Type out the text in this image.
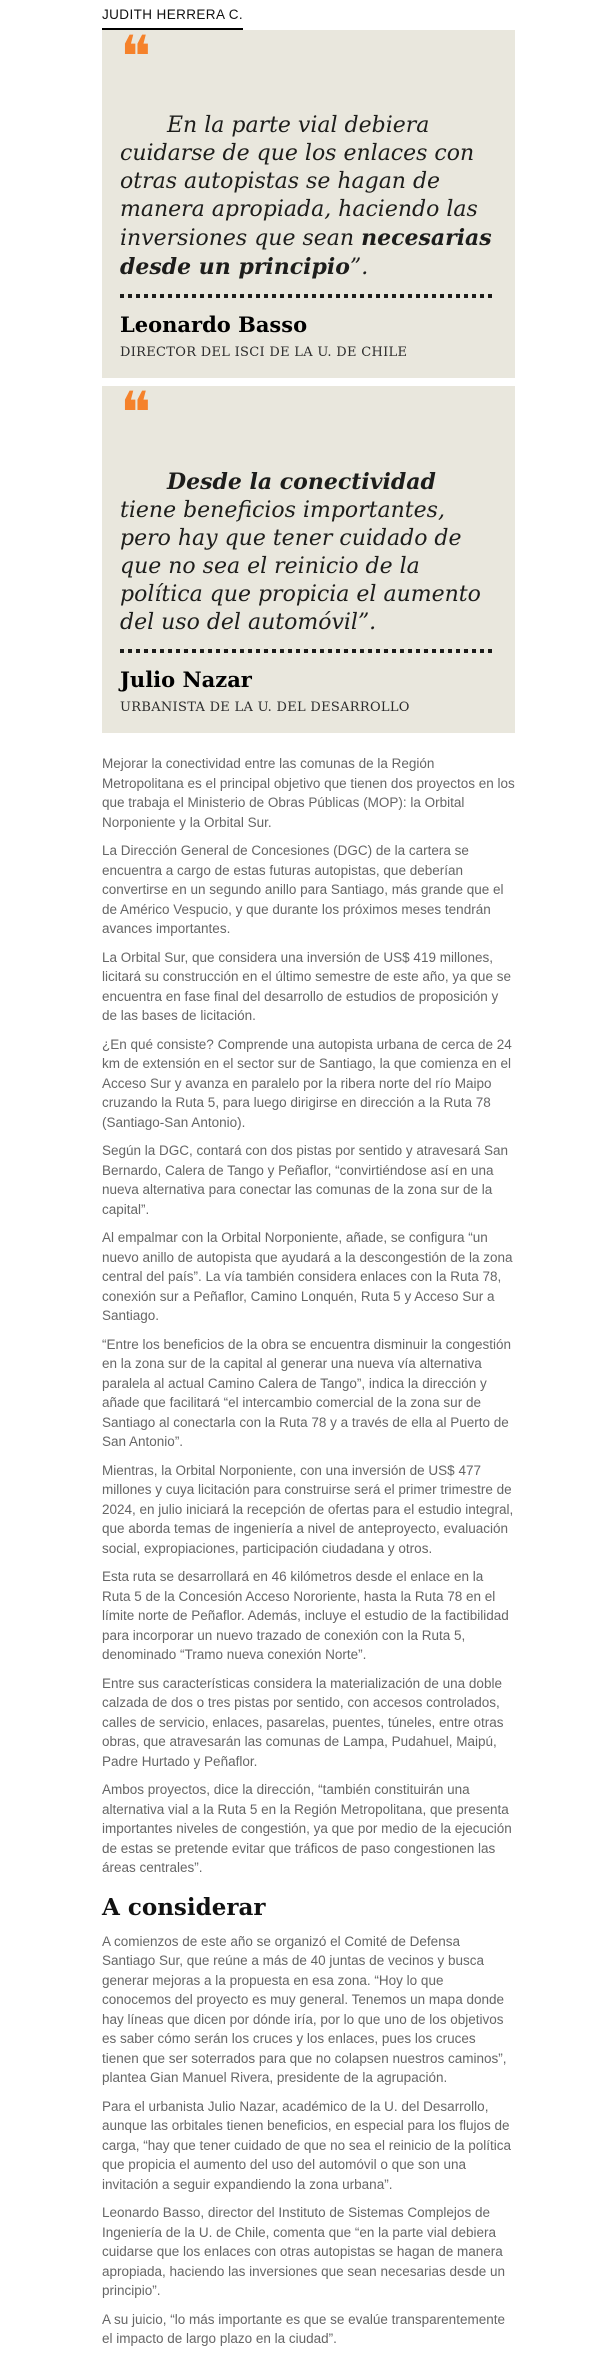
JUDITH HERRERA C.
❝

En la parte vial debiera cuidarse de que los enlaces con otras autopistas se hagan de manera apropiada, haciendo las inversiones que sean necesarias desde un principio”.

Leonardo Basso
DIRECTOR DEL ISCI DE LA U. DE CHILE
❝

Desde la conectividad tiene beneficios importantes, pero hay que tener cuidado de que no sea el reinicio de la política que propicia el aumento del uso del automóvil”.

Julio Nazar
URBANISTA DE LA U. DEL DESARROLLO

Mejorar la conectividad entre las comunas de la Región Metropolitana es el principal objetivo que tienen dos proyectos en los que trabaja el Ministerio de Obras Públicas (MOP): la Orbital Norponiente y la Orbital Sur.

La Dirección General de Concesiones (DGC) de la cartera se encuentra a cargo de estas futuras autopistas, que deberían convertirse en un segundo anillo para Santiago, más grande que el de Américo Vespucio, y que durante los próximos meses tendrán avances importantes.

La Orbital Sur, que considera una inversión de US$ 419 millones, licitará su construcción en el último semestre de este año, ya que se encuentra en fase final del desarrollo de estudios de proposición y de las bases de licitación.

¿En qué consiste? Comprende una autopista urbana de cerca de 24 km de extensión en el sector sur de Santiago, la que comienza en el Acceso Sur y avanza en paralelo por la ribera norte del río Maipo cruzando la Ruta 5, para luego dirigirse en dirección a la Ruta 78 (Santiago-San Antonio).

Según la DGC, contará con dos pistas por sentido y atravesará San Bernardo, Calera de Tango y Peñaflor, “convirtiéndose así en una nueva alternativa para conectar las comunas de la zona sur de la capital”.

Al empalmar con la Orbital Norponiente, añade, se configura “un nuevo anillo de autopista que ayudará a la descongestión de la zona central del país”. La vía también considera enlaces con la Ruta 78, conexión sur a Peñaflor, Camino Lonquén, Ruta 5 y Acceso Sur a Santiago.

“Entre los beneficios de la obra se encuentra disminuir la congestión en la zona sur de la capital al generar una nueva vía alternativa paralela al actual Camino Calera de Tango”, indica la dirección y añade que facilitará “el intercambio comercial de la zona sur de Santiago al conectarla con la Ruta 78 y a través de ella al Puerto de San Antonio”.

Mientras, la Orbital Norponiente, con una inversión de US$ 477 millones y cuya licitación para construirse será el primer trimestre de 2024, en julio iniciará la recepción de ofertas para el estudio integral, que aborda temas de ingeniería a nivel de anteproyecto, evaluación social, expropiaciones, participación ciudadana y otros.

Esta ruta se desarrollará en 46 kilómetros desde el enlace en la Ruta 5 de la Concesión Acceso Nororiente, hasta la Ruta 78 en el límite norte de Peñaflor. Además, incluye el estudio de la factibilidad para incorporar un nuevo trazado de conexión con la Ruta 5, denominado “Tramo nueva conexión Norte”.

Entre sus características considera la materialización de una doble calzada de dos o tres pistas por sentido, con accesos controlados, calles de servicio, enlaces, pasarelas, puentes, túneles, entre otras obras, que atravesarán las comunas de Lampa, Pudahuel, Maipú, Padre Hurtado y Peñaflor.

Ambos proyectos, dice la dirección, “también constituirán una alternativa vial a la Ruta 5 en la Región Metropolitana, que presenta importantes niveles de congestión, ya que por medio de la ejecución de estas se pretende evitar que tráficos de paso congestionen las áreas centrales”.

A considerar

A comienzos de este año se organizó el Comité de Defensa Santiago Sur, que reúne a más de 40 juntas de vecinos y busca generar mejoras a la propuesta en esa zona. “Hoy lo que conocemos del proyecto es muy general. Tenemos un mapa donde hay líneas que dicen por dónde iría, por lo que uno de los objetivos es saber cómo serán los cruces y los enlaces, pues los cruces tienen que ser soterrados para que no colapsen nuestros caminos”, plantea Gian Manuel Rivera, presidente de la agrupación.

Para el urbanista Julio Nazar, académico de la U. del Desarrollo, aunque las orbitales tienen beneficios, en especial para los flujos de carga, “hay que tener cuidado de que no sea el reinicio de la política que propicia el aumento del uso del automóvil o que son una invitación a seguir expandiendo la zona urbana”.

Leonardo Basso, director del Instituto de Sistemas Complejos de Ingeniería de la U. de Chile, comenta que “en la parte vial debiera cuidarse que los enlaces con otras autopistas se hagan de manera apropiada, haciendo las inversiones que sean necesarias desde un principio”.

A su juicio, “lo más importante es que se evalúe transparentemente el impacto de largo plazo en la ciudad”.
